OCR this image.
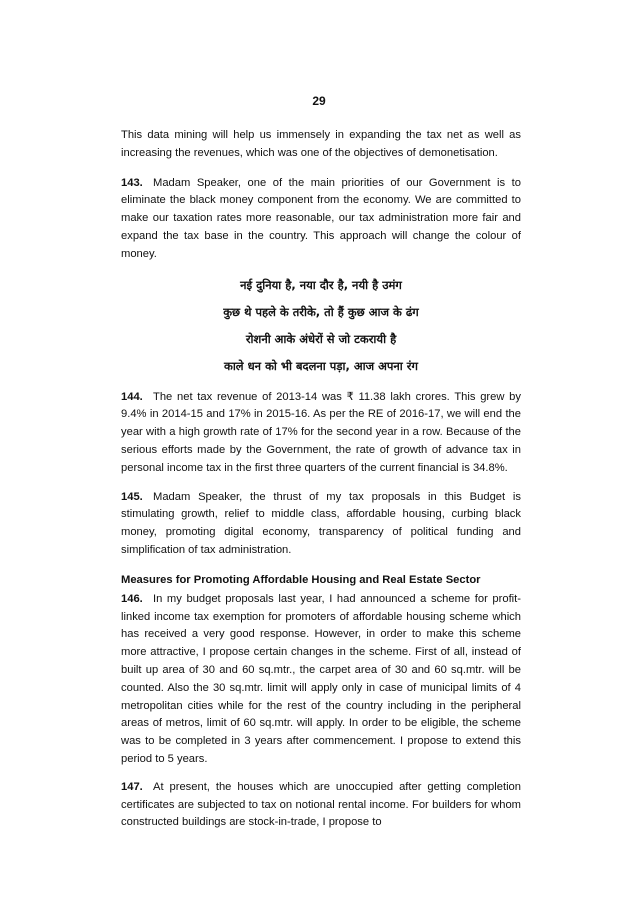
29

This data mining will help us immensely in expanding the tax net as well as increasing the revenues, which was one of the objectives of demonetisation.

143. Madam Speaker, one of the main priorities of our Government is to eliminate the black money component from the economy. We are committed to make our taxation rates more reasonable, our tax administration more fair and expand the tax base in the country. This approach will change the colour of money.

नई दुनिया है, नया दौर है, नयी है उमंग
कुछ थे पहले के तरीके, तो हैं कुछ आज के ढंग
रोशनी आके अंधेरों से जो टकरायी है
काले धन को भी बदलना पड़ा, आज अपना रंग

144. The net tax revenue of 2013-14 was ₹ 11.38 lakh crores. This grew by 9.4% in 2014-15 and 17% in 2015-16. As per the RE of 2016-17, we will end the year with a high growth rate of 17% for the second year in a row. Because of the serious efforts made by the Government, the rate of growth of advance tax in personal income tax in the first three quarters of the current financial is 34.8%.

145. Madam Speaker, the thrust of my tax proposals in this Budget is stimulating growth, relief to middle class, affordable housing, curbing black money, promoting digital economy, transparency of political funding and simplification of tax administration.

Measures for Promoting Affordable Housing and Real Estate Sector

146. In my budget proposals last year, I had announced a scheme for profit-linked income tax exemption for promoters of affordable housing scheme which has received a very good response. However, in order to make this scheme more attractive, I propose certain changes in the scheme. First of all, instead of built up area of 30 and 60 sq.mtr., the carpet area of 30 and 60 sq.mtr. will be counted. Also the 30 sq.mtr. limit will apply only in case of municipal limits of 4 metropolitan cities while for the rest of the country including in the peripheral areas of metros, limit of 60 sq.mtr. will apply. In order to be eligible, the scheme was to be completed in 3 years after commencement. I propose to extend this period to 5 years.

147. At present, the houses which are unoccupied after getting completion certificates are subjected to tax on notional rental income. For builders for whom constructed buildings are stock-in-trade, I propose to
